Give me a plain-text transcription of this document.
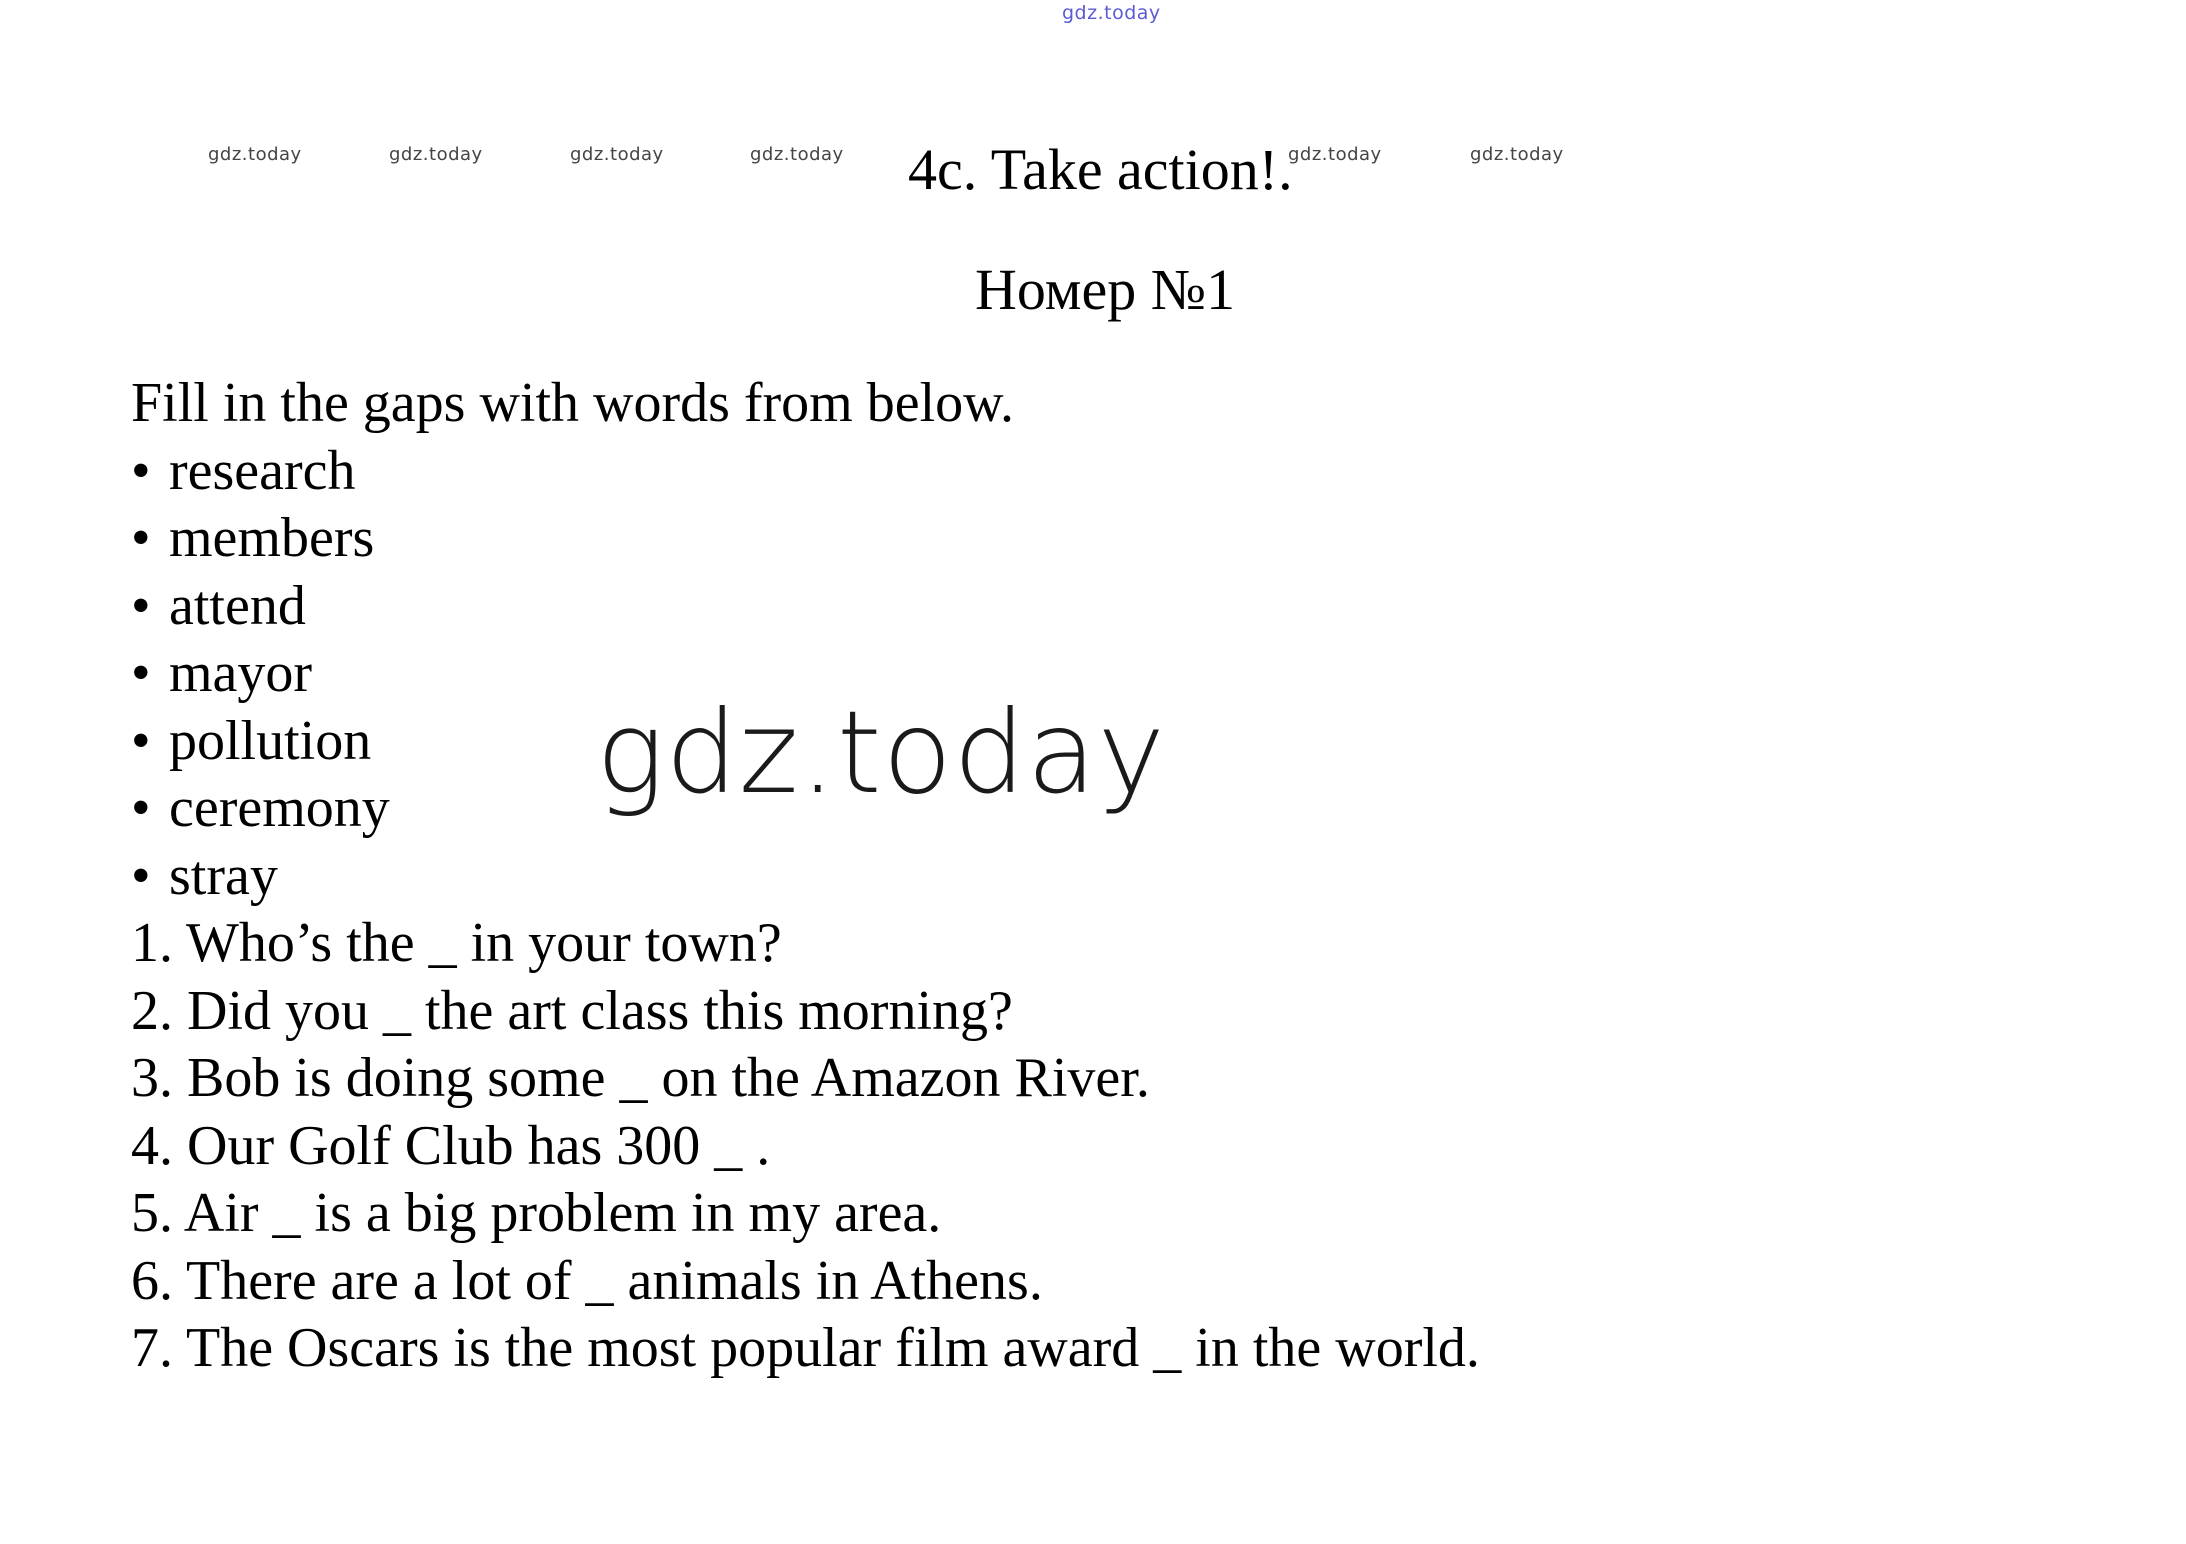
gdz.today
gdz.today	gdz.today	gdz.today	gdz.today	gdz.today	gdz.today
4c. Take action!.
Номер №1
Fill in the gaps with words from below.
• research
• members
• attend
• mayor
• pollution
• ceremony
• stray
1. Who’s the _ in your town?
2. Did you _ the art class this morning?
3. Bob is doing some _ on the Amazon River.
4. Our Golf Club has 300 _ .
5. Air _ is a big problem in my area.
6. There are a lot of _ animals in Athens.
7. The Oscars is the most popular film award _ in the world.
gdz.today
